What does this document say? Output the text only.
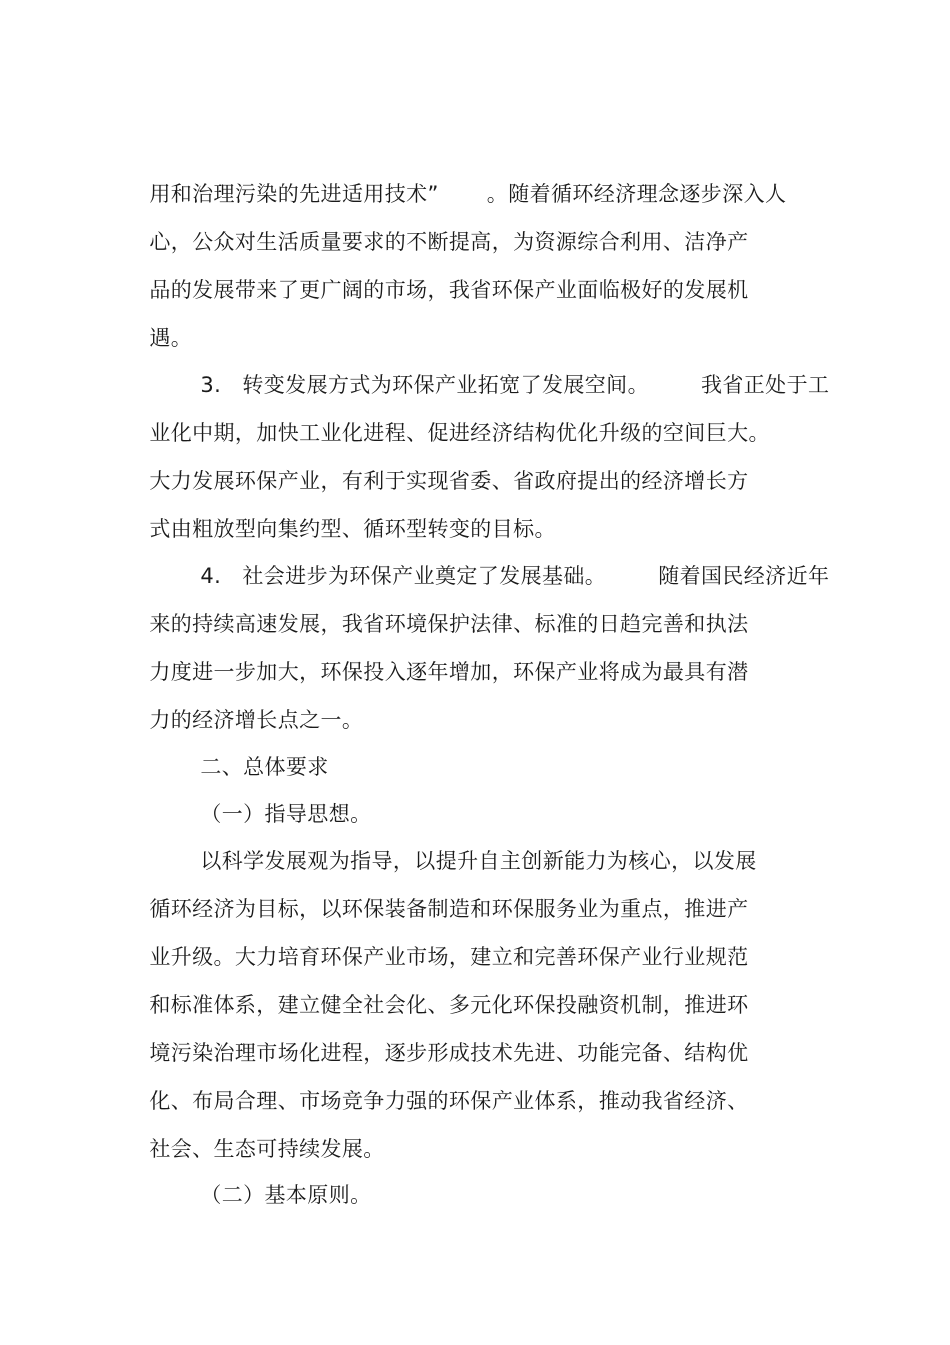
用和治理污染的先进适用技术” 。随着循环经济理念逐步深入人

心，公众对生活质量要求的不断提高，为资源综合利用、洁净产

品的发展带来了更广阔的市场，我省环保产业面临极好的发展机

遇。

3.   转变发展方式为环保产业拓宽了发展空间。 我省正处于工

业化中期，加快工业化进程、促进经济结构优化升级的空间巨大。

大力发展环保产业，有利于实现省委、省政府提出的经济增长方

式由粗放型向集约型、循环型转变的目标。

4.   社会进步为环保产业奠定了发展基础。 随着国民经济近年

来的持续高速发展，我省环境保护法律、标准的日趋完善和执法

力度进一步加大，环保投入逐年增加，环保产业将成为最具有潜

力的经济增长点之一。

二、总体要求

（一）指导思想。

以科学发展观为指导，以提升自主创新能力为核心，以发展

循环经济为目标，以环保装备制造和环保服务业为重点，推进产

业升级。大力培育环保产业市场，建立和完善环保产业行业规范

和标准体系，建立健全社会化、多元化环保投融资机制，推进环

境污染治理市场化进程，逐步形成技术先进、功能完备、结构优

化、布局合理、市场竞争力强的环保产业体系，推动我省经济、

社会、生态可持续发展。

（二）基本原则。
